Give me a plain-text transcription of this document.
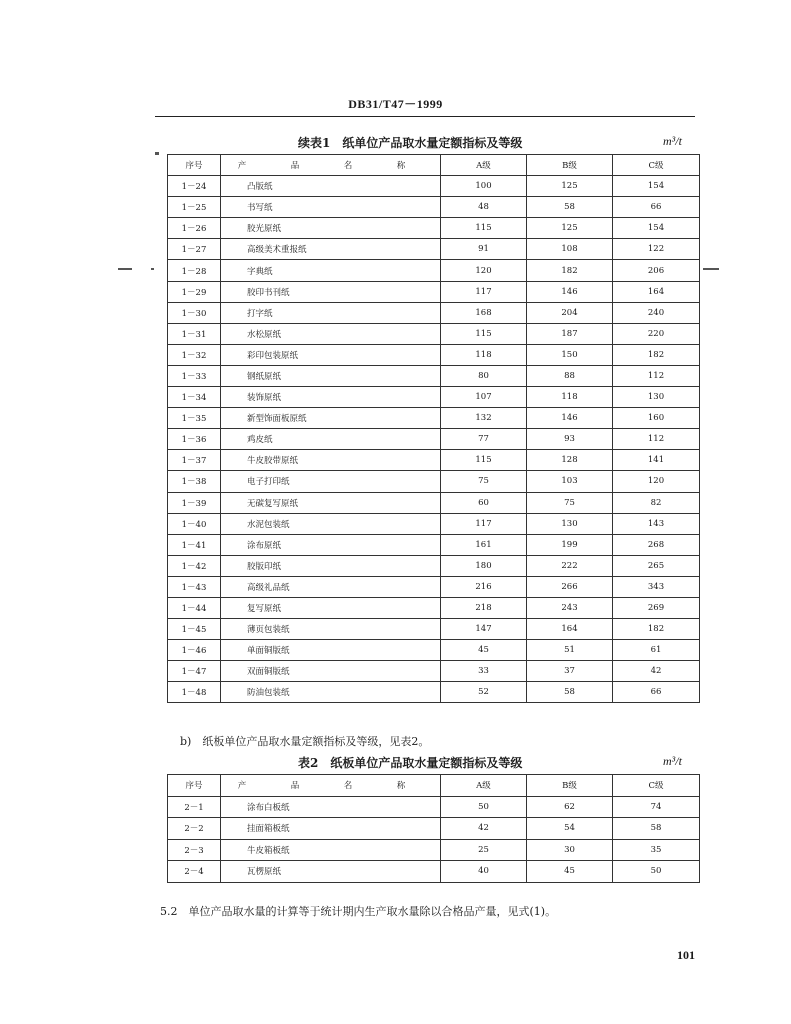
DB31/T47－1999
续表1　纸单位产品取水量定额指标及等级	m³/t
序号	产　品　名　称	A级	B级	C级
1－24	凸版纸	100	125	154
1－25	书写纸	48	58	66
1－26	胶光原纸	115	125	154
1－27	高级美术重报纸	91	108	122
1－28	字典纸	120	182	206
1－29	胶印书刊纸	117	146	164
1－30	打字纸	168	204	240
1－31	水松原纸	115	187	220
1－32	彩印包装原纸	118	150	182
1－33	钢纸原纸	80	88	112
1－34	装饰原纸	107	118	130
1－35	新型饰面板原纸	132	146	160
1－36	鸡皮纸	77	93	112
1－37	牛皮胶带原纸	115	128	141
1－38	电子打印纸	75	103	120
1－39	无碳复写原纸	60	75	82
1－40	水泥包装纸	117	130	143
1－41	涂布原纸	161	199	268
1－42	胶版印纸	180	222	265
1－43	高级礼品纸	216	266	343
1－44	复写原纸	218	243	269
1－45	薄页包装纸	147	164	182
1－46	单面铜版纸	45	51	61
1－47	双面铜版纸	33	37	42
1－48	防油包装纸	52	58	66
b)　纸板单位产品取水量定额指标及等级，见表2。
表2　纸板单位产品取水量定额指标及等级	m³/t
序号	产　品　名　称	A级	B级	C级
2－1	涂布白板纸	50	62	74
2－2	挂面箱板纸	42	54	58
2－3	牛皮箱板纸	25	30	35
2－4	瓦楞原纸	40	45	50
5.2　单位产品取水量的计算等于统计期内生产取水量除以合格品产量，见式(1)。
101
